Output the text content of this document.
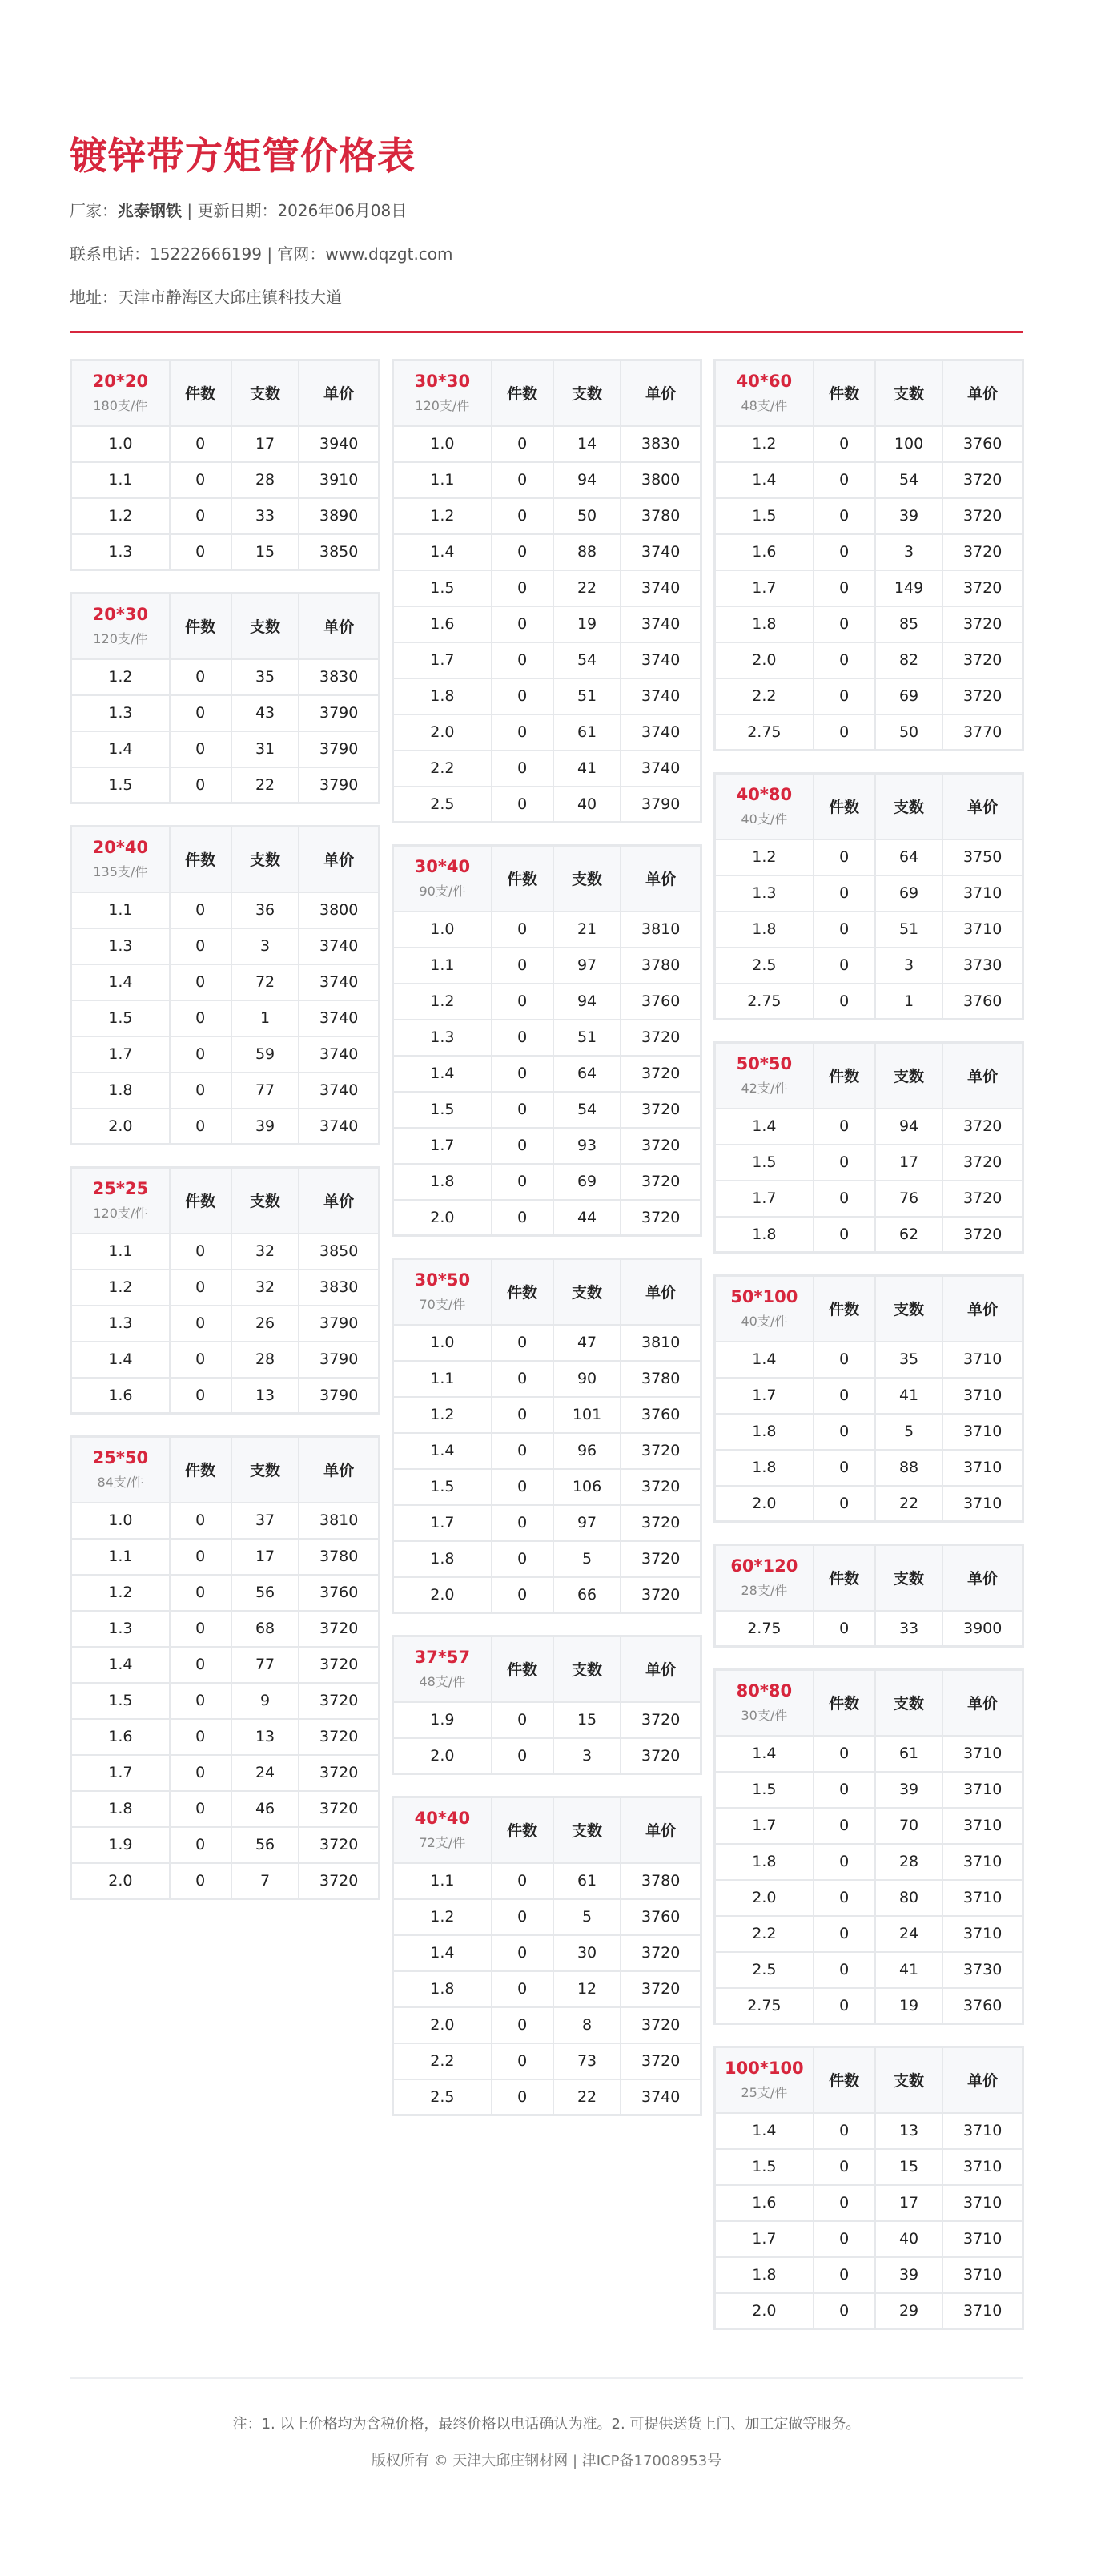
镀锌带方矩管价格表
厂家：兆泰钢铁 | 更新日期：2026年06月08日
联系电话：15222666199 | 官网：www.dqzgt.com
地址：天津市静海区大邱庄镇科技大道
20*20
180支/件	件数	支数	单价
1.0	0	17	3940
1.1	0	28	3910
1.2	0	33	3890
1.3	0	15	3850
20*30
120支/件	件数	支数	单价
1.2	0	35	3830
1.3	0	43	3790
1.4	0	31	3790
1.5	0	22	3790
20*40
135支/件	件数	支数	单价
1.1	0	36	3800
1.3	0	3	3740
1.4	0	72	3740
1.5	0	1	3740
1.7	0	59	3740
1.8	0	77	3740
2.0	0	39	3740
25*25
120支/件	件数	支数	单价
1.1	0	32	3850
1.2	0	32	3830
1.3	0	26	3790
1.4	0	28	3790
1.6	0	13	3790
25*50
84支/件	件数	支数	单价
1.0	0	37	3810
1.1	0	17	3780
1.2	0	56	3760
1.3	0	68	3720
1.4	0	77	3720
1.5	0	9	3720
1.6	0	13	3720
1.7	0	24	3720
1.8	0	46	3720
1.9	0	56	3720
2.0	0	7	3720
30*30
120支/件	件数	支数	单价
1.0	0	14	3830
1.1	0	94	3800
1.2	0	50	3780
1.4	0	88	3740
1.5	0	22	3740
1.6	0	19	3740
1.7	0	54	3740
1.8	0	51	3740
2.0	0	61	3740
2.2	0	41	3740
2.5	0	40	3790
30*40
90支/件	件数	支数	单价
1.0	0	21	3810
1.1	0	97	3780
1.2	0	94	3760
1.3	0	51	3720
1.4	0	64	3720
1.5	0	54	3720
1.7	0	93	3720
1.8	0	69	3720
2.0	0	44	3720
30*50
70支/件	件数	支数	单价
1.0	0	47	3810
1.1	0	90	3780
1.2	0	101	3760
1.4	0	96	3720
1.5	0	106	3720
1.7	0	97	3720
1.8	0	5	3720
2.0	0	66	3720
37*57
48支/件	件数	支数	单价
1.9	0	15	3720
2.0	0	3	3720
40*40
72支/件	件数	支数	单价
1.1	0	61	3780
1.2	0	5	3760
1.4	0	30	3720
1.8	0	12	3720
2.0	0	8	3720
2.2	0	73	3720
2.5	0	22	3740
40*60
48支/件	件数	支数	单价
1.2	0	100	3760
1.4	0	54	3720
1.5	0	39	3720
1.6	0	3	3720
1.7	0	149	3720
1.8	0	85	3720
2.0	0	82	3720
2.2	0	69	3720
2.75	0	50	3770
40*80
40支/件	件数	支数	单价
1.2	0	64	3750
1.3	0	69	3710
1.8	0	51	3710
2.5	0	3	3730
2.75	0	1	3760
50*50
42支/件	件数	支数	单价
1.4	0	94	3720
1.5	0	17	3720
1.7	0	76	3720
1.8	0	62	3720
50*100
40支/件	件数	支数	单价
1.4	0	35	3710
1.7	0	41	3710
1.8	0	5	3710
1.8	0	88	3710
2.0	0	22	3710
60*120
28支/件	件数	支数	单价
2.75	0	33	3900
80*80
30支/件	件数	支数	单价
1.4	0	61	3710
1.5	0	39	3710
1.7	0	70	3710
1.8	0	28	3710
2.0	0	80	3710
2.2	0	24	3710
2.5	0	41	3730
2.75	0	19	3760
100*100
25支/件	件数	支数	单价
1.4	0	13	3710
1.5	0	15	3710
1.6	0	17	3710
1.7	0	40	3710
1.8	0	39	3710
2.0	0	29	3710
注：1. 以上价格均为含税价格，最终价格以电话确认为准。2. 可提供送货上门、加工定做等服务。
版权所有 © 天津大邱庄钢材网 | 津ICP备17008953号
